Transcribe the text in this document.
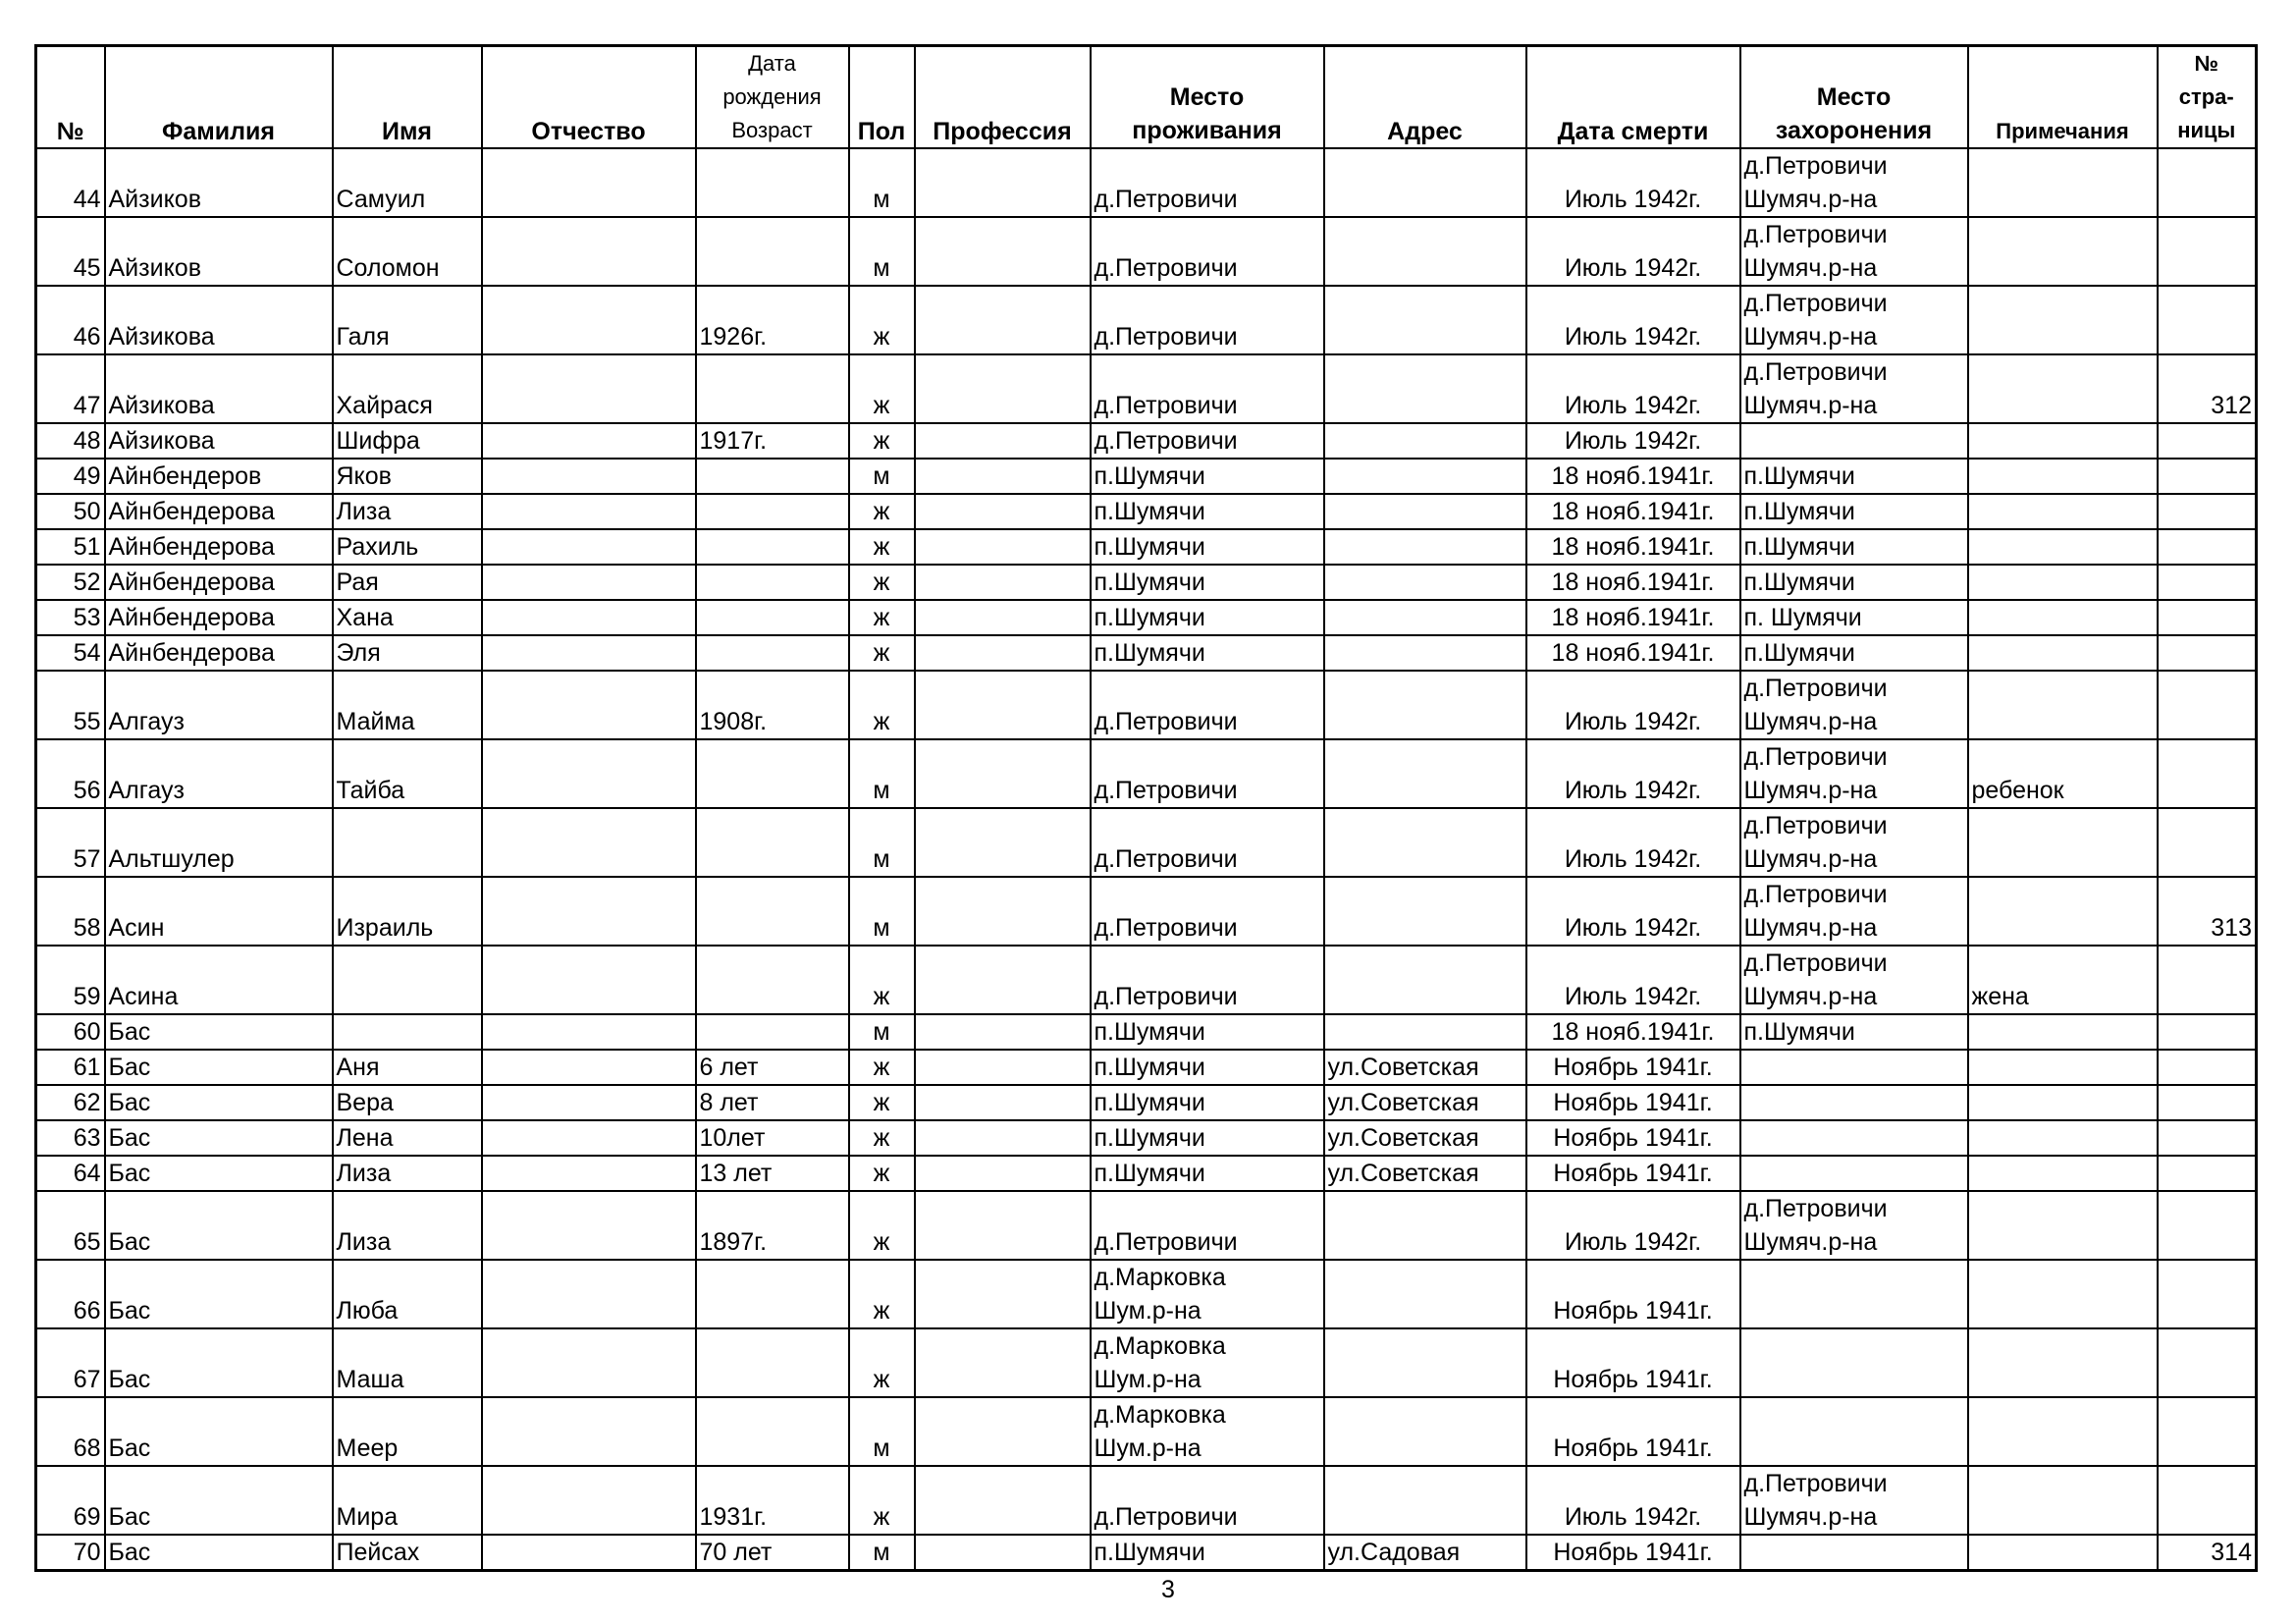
№	Фамилия	Имя	Отчество	Дата
рождения
Возраст	Пол	Профессия	Место
проживания	Адрес	Дата смерти	Место
захоронения	Примечания	№
стра-
ницы

44	Айзиков	Самуил			м		д.Петровичи		Июль 1942г.	д.Петровичи
Шумяч.р-на		

45	Айзиков	Соломон			м		д.Петровичи		Июль 1942г.	д.Петровичи
Шумяч.р-на		

46	Айзикова	Галя		1926г.	ж		д.Петровичи		Июль 1942г.	д.Петровичи
Шумяч.р-на		

47	Айзикова	Хайрася			ж		д.Петровичи		Июль 1942г.	д.Петровичи
Шумяч.р-на		312
48	Айзикова	Шифра		1917г.	ж		д.Петровичи		Июль 1942г.	

49	Айнбендеров	Яков			м		п.Шумячи		18 нояб.1941г.	п.Шумячи		

50	Айнбендерова	Лиза			ж		п.Шумячи		18 нояб.1941г.	п.Шумячи		

51	Айнбендерова	Рахиль			ж		п.Шумячи		18 нояб.1941г.	п.Шумячи		

52	Айнбендерова	Рая			ж		п.Шумячи		18 нояб.1941г.	п.Шумячи		

53	Айнбендерова	Хана			ж		п.Шумячи		18 нояб.1941г.	п. Шумячи		

54	Айнбендерова	Эля			ж		п.Шумячи		18 нояб.1941г.	п.Шумячи		

55	Алгауз	Майма		1908г.	ж		д.Петровичи		Июль 1942г.	д.Петровичи
Шумяч.р-на		

56	Алгауз	Тайба			м		д.Петровичи		Июль 1942г.	д.Петровичи
Шумяч.р-на	ребенок	
57	Альтшулер				м		д.Петровичи		Июль 1942г.	д.Петровичи
Шумяч.р-на		

58	Асин	Израиль			м		д.Петровичи		Июль 1942г.	д.Петровичи
Шумяч.р-на		313
59	Асина				ж		д.Петровичи		Июль 1942г.	д.Петровичи
Шумяч.р-на	жена	
60	Бас				м		п.Шумячи		18 нояб.1941г.	п.Шумячи		

61	Бас	Аня		6 лет	ж		п.Шумячи	ул.Советская	Ноябрь 1941г.	

62	Бас	Вера		8 лет	ж		п.Шумячи	ул.Советская	Ноябрь 1941г.	

63	Бас	Лена		10лет	ж		п.Шумячи	ул.Советская	Ноябрь 1941г.	

64	Бас	Лиза		13 лет	ж		п.Шумячи	ул.Советская	Ноябрь 1941г.	

65	Бас	Лиза		1897г.	ж		д.Петровичи		Июль 1942г.	д.Петровичи
Шумяч.р-на		

66	Бас	Люба			ж		д.Марковка
Шум.р-на		Ноябрь 1941г.	

67	Бас	Маша			ж		д.Марковка
Шум.р-на		Ноябрь 1941г.	

68	Бас	Меер			м		д.Марковка
Шум.р-на		Ноябрь 1941г.	

69	Бас	Мира		1931г.	ж		д.Петровичи		Июль 1942г.	д.Петровичи
Шумяч.р-на		

70	Бас	Пейсах		70 лет	м		п.Шумячи	ул.Садовая	Ноябрь 1941г.			314
3
